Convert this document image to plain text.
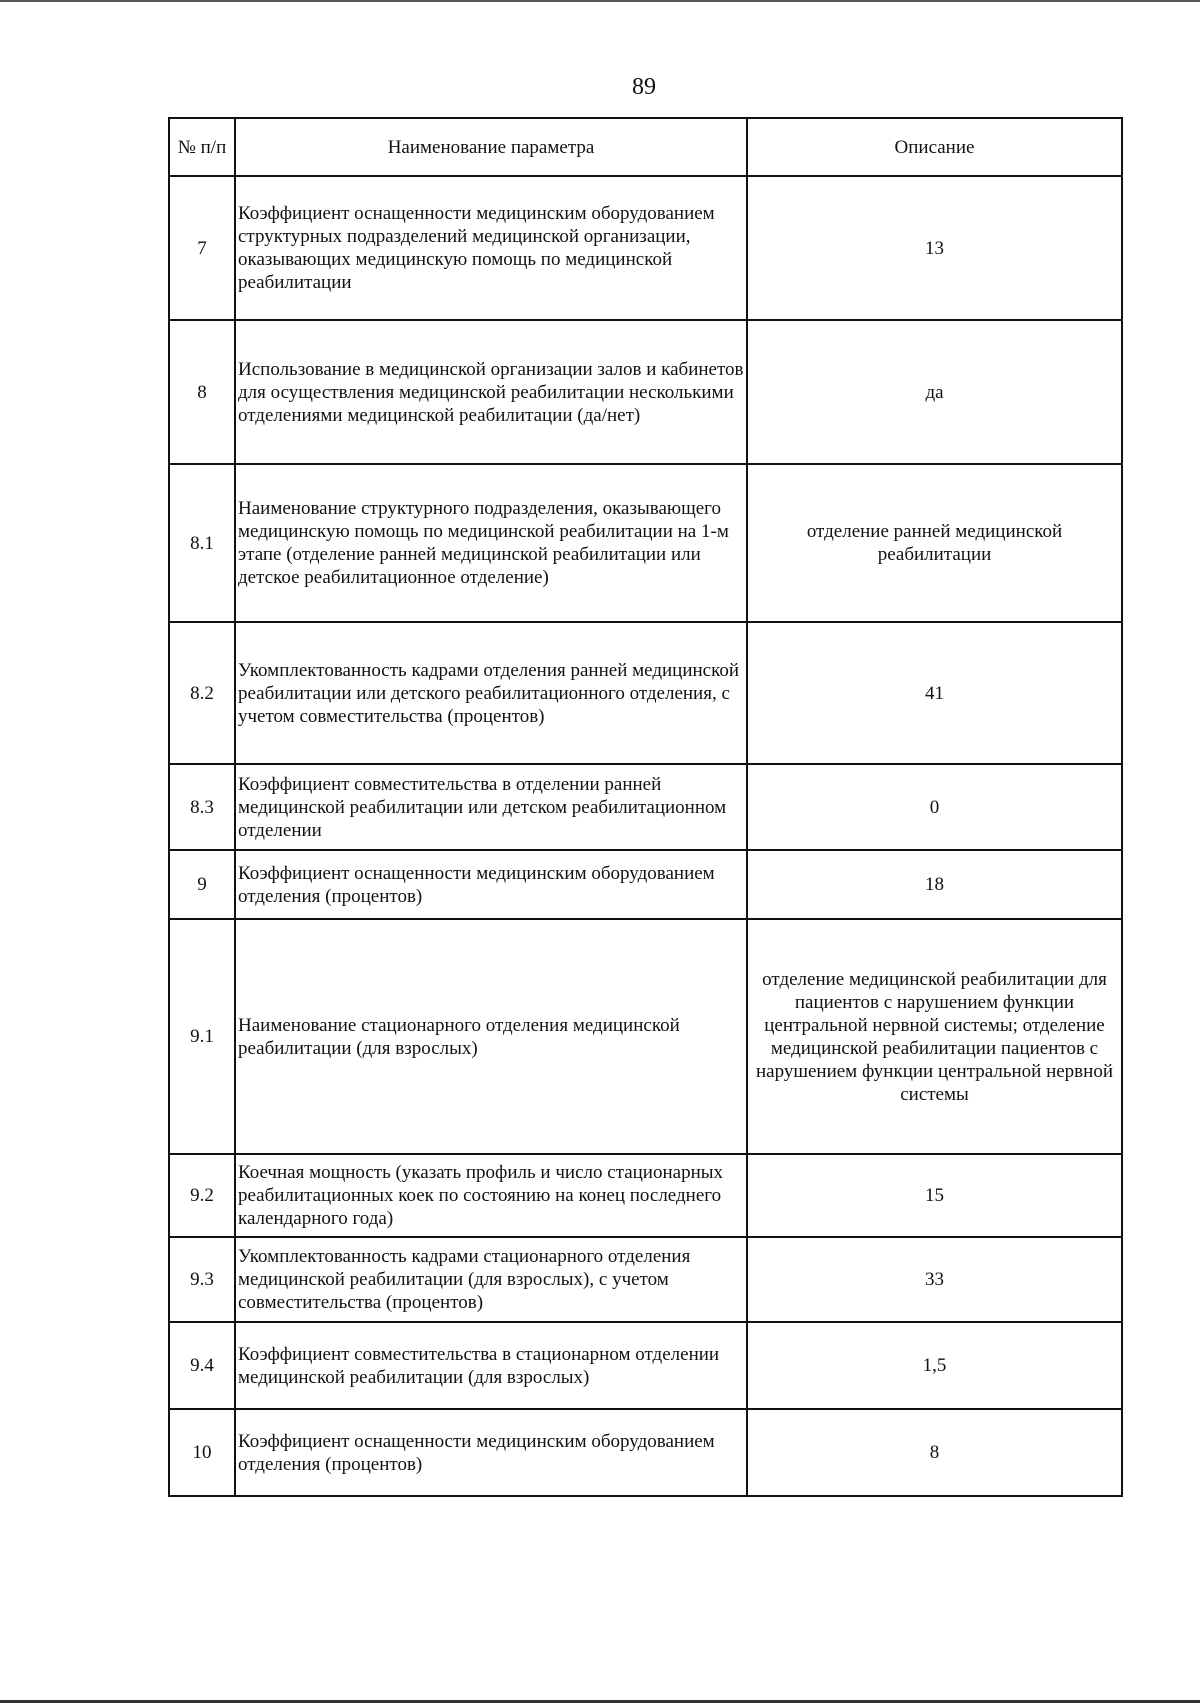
89
№ п/п	Наименование параметра	Описание
7	Коэффициент оснащенности медицинским оборудованием структурных подразделений медицинской организации, оказывающих медицинскую помощь по медицинской реабилитации	13
8	Использование в медицинской организации залов и кабинетов для осуществления медицинской реабилитации несколькими отделениями медицинской реабилитации (да/нет)	да
8.1	Наименование структурного подразделения, оказывающего медицинскую помощь по медицинской реабилитации на 1-м этапе (отделение ранней медицинской реабилитации или детское реабилитационное отделение)	отделение ранней медицинской реабилитации
8.2	Укомплектованность кадрами отделения ранней медицинской реабилитации или детского реабилитационного отделения, с учетом совместительства (процентов)	41
8.3	Коэффициент совместительства в отделении ранней медицинской реабилитации или детском реабилитационном отделении	0
9	Коэффициент оснащенности медицинским оборудованием отделения (процентов)	18
9.1	Наименование стационарного отделения медицинской реабилитации (для взрослых)	отделение медицинской реабилитации для пациентов с нарушением функции центральной нервной системы; отделение медицинской реабилитации пациентов с нарушением функции центральной нервной системы
9.2	Коечная мощность (указать профиль и число стационарных реабилитационных коек по состоянию на конец последнего календарного года)	15
9.3	Укомплектованность кадрами стационарного отделения медицинской реабилитации (для взрослых), с учетом совместительства (процентов)	33
9.4	Коэффициент совместительства в стационарном отделении медицинской реабилитации (для взрослых)	1,5
10	Коэффициент оснащенности медицинским оборудованием отделения (процентов)	8
